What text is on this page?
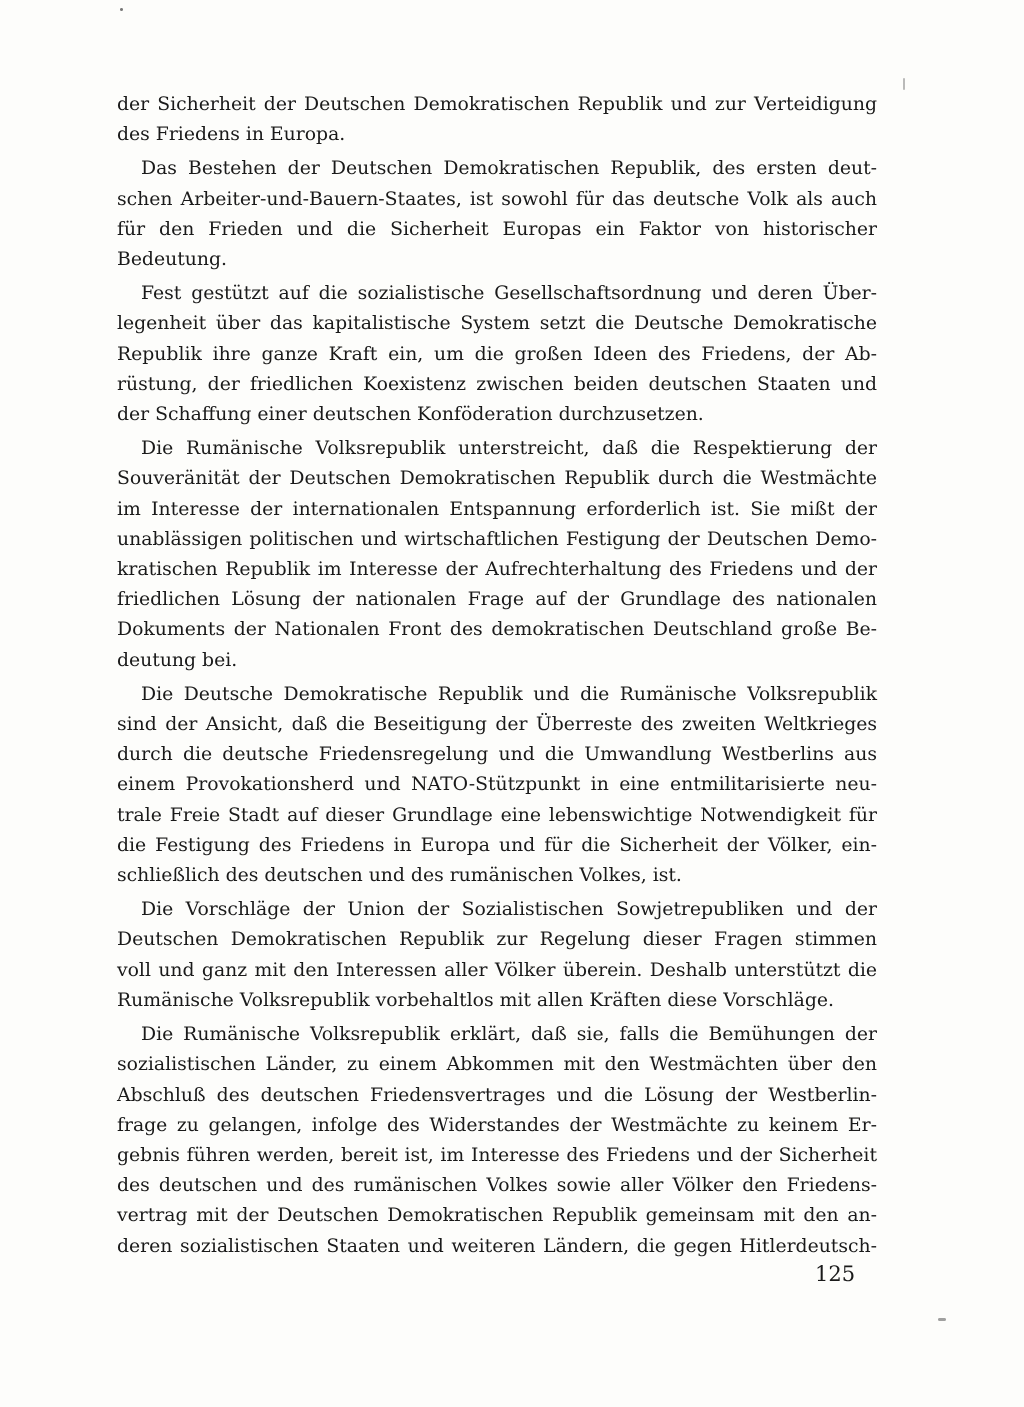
der Sicherheit der Deutschen Demokratischen Republik und zur Verteidigung
des Friedens in Europa.
Das Bestehen der Deutschen Demokratischen Republik, des ersten deut-
schen Arbeiter-und-Bauern-Staates, ist sowohl für das deutsche Volk als auch
für den Frieden und die Sicherheit Europas ein Faktor von historischer
Bedeutung.
Fest gestützt auf die sozialistische Gesellschaftsordnung und deren Über-
legenheit über das kapitalistische System setzt die Deutsche Demokratische
Republik ihre ganze Kraft ein, um die großen Ideen des Friedens, der Ab-
rüstung, der friedlichen Koexistenz zwischen beiden deutschen Staaten und
der Schaffung einer deutschen Konföderation durchzusetzen.
Die Rumänische Volksrepublik unterstreicht, daß die Respektierung der
Souveränität der Deutschen Demokratischen Republik durch die Westmächte
im Interesse der internationalen Entspannung erforderlich ist. Sie mißt der
unablässigen politischen und wirtschaftlichen Festigung der Deutschen Demo-
kratischen Republik im Interesse der Aufrechterhaltung des Friedens und der
friedlichen Lösung der nationalen Frage auf der Grundlage des nationalen
Dokuments der Nationalen Front des demokratischen Deutschland große Be-
deutung bei.
Die Deutsche Demokratische Republik und die Rumänische Volksrepublik
sind der Ansicht, daß die Beseitigung der Überreste des zweiten Weltkrieges
durch die deutsche Friedensregelung und die Umwandlung Westberlins aus
einem Provokationsherd und NATO-Stützpunkt in eine entmilitarisierte neu-
trale Freie Stadt auf dieser Grundlage eine lebenswichtige Notwendigkeit für
die Festigung des Friedens in Europa und für die Sicherheit der Völker, ein-
schließlich des deutschen und des rumänischen Volkes, ist.
Die Vorschläge der Union der Sozialistischen Sowjetrepubliken und der
Deutschen Demokratischen Republik zur Regelung dieser Fragen stimmen
voll und ganz mit den Interessen aller Völker überein. Deshalb unterstützt die
Rumänische Volksrepublik vorbehaltlos mit allen Kräften diese Vorschläge.
Die Rumänische Volksrepublik erklärt, daß sie, falls die Bemühungen der
sozialistischen Länder, zu einem Abkommen mit den Westmächten über den
Abschluß des deutschen Friedensvertrages und die Lösung der Westberlin-
frage zu gelangen, infolge des Widerstandes der Westmächte zu keinem Er-
gebnis führen werden, bereit ist, im Interesse des Friedens und der Sicherheit
des deutschen und des rumänischen Volkes sowie aller Völker den Friedens-
vertrag mit der Deutschen Demokratischen Republik gemeinsam mit den an-
deren sozialistischen Staaten und weiteren Ländern, die gegen Hitlerdeutsch-
125
